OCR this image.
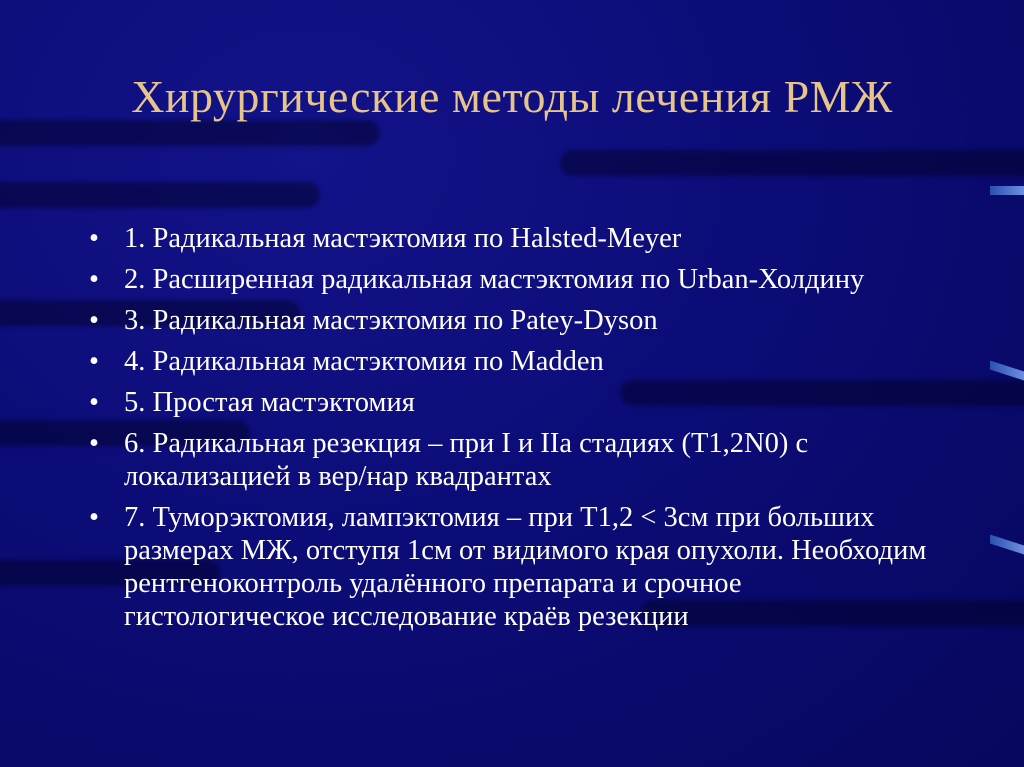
Хирургические методы лечения РМЖ
• 1. Радикальная мастэктомия по Halsted-Meyer
• 2. Расширенная радикальная мастэктомия по Urban-Холдину
• 3. Радикальная мастэктомия по Patey-Dyson
• 4. Радикальная мастэктомия по Madden
• 5. Простая мастэктомия
• 6. Радикальная резекция – при I и IIa стадиях (T1,2N0) с локализацией в вер/нар квадрантах
• 7. Туморэктомия, лампэктомия – при Т1,2 < 3см при больших размерах МЖ, отступя 1см от видимого края опухоли. Необходим рентгеноконтроль удалённого препарата и срочное гистологическое исследование краёв резекции
